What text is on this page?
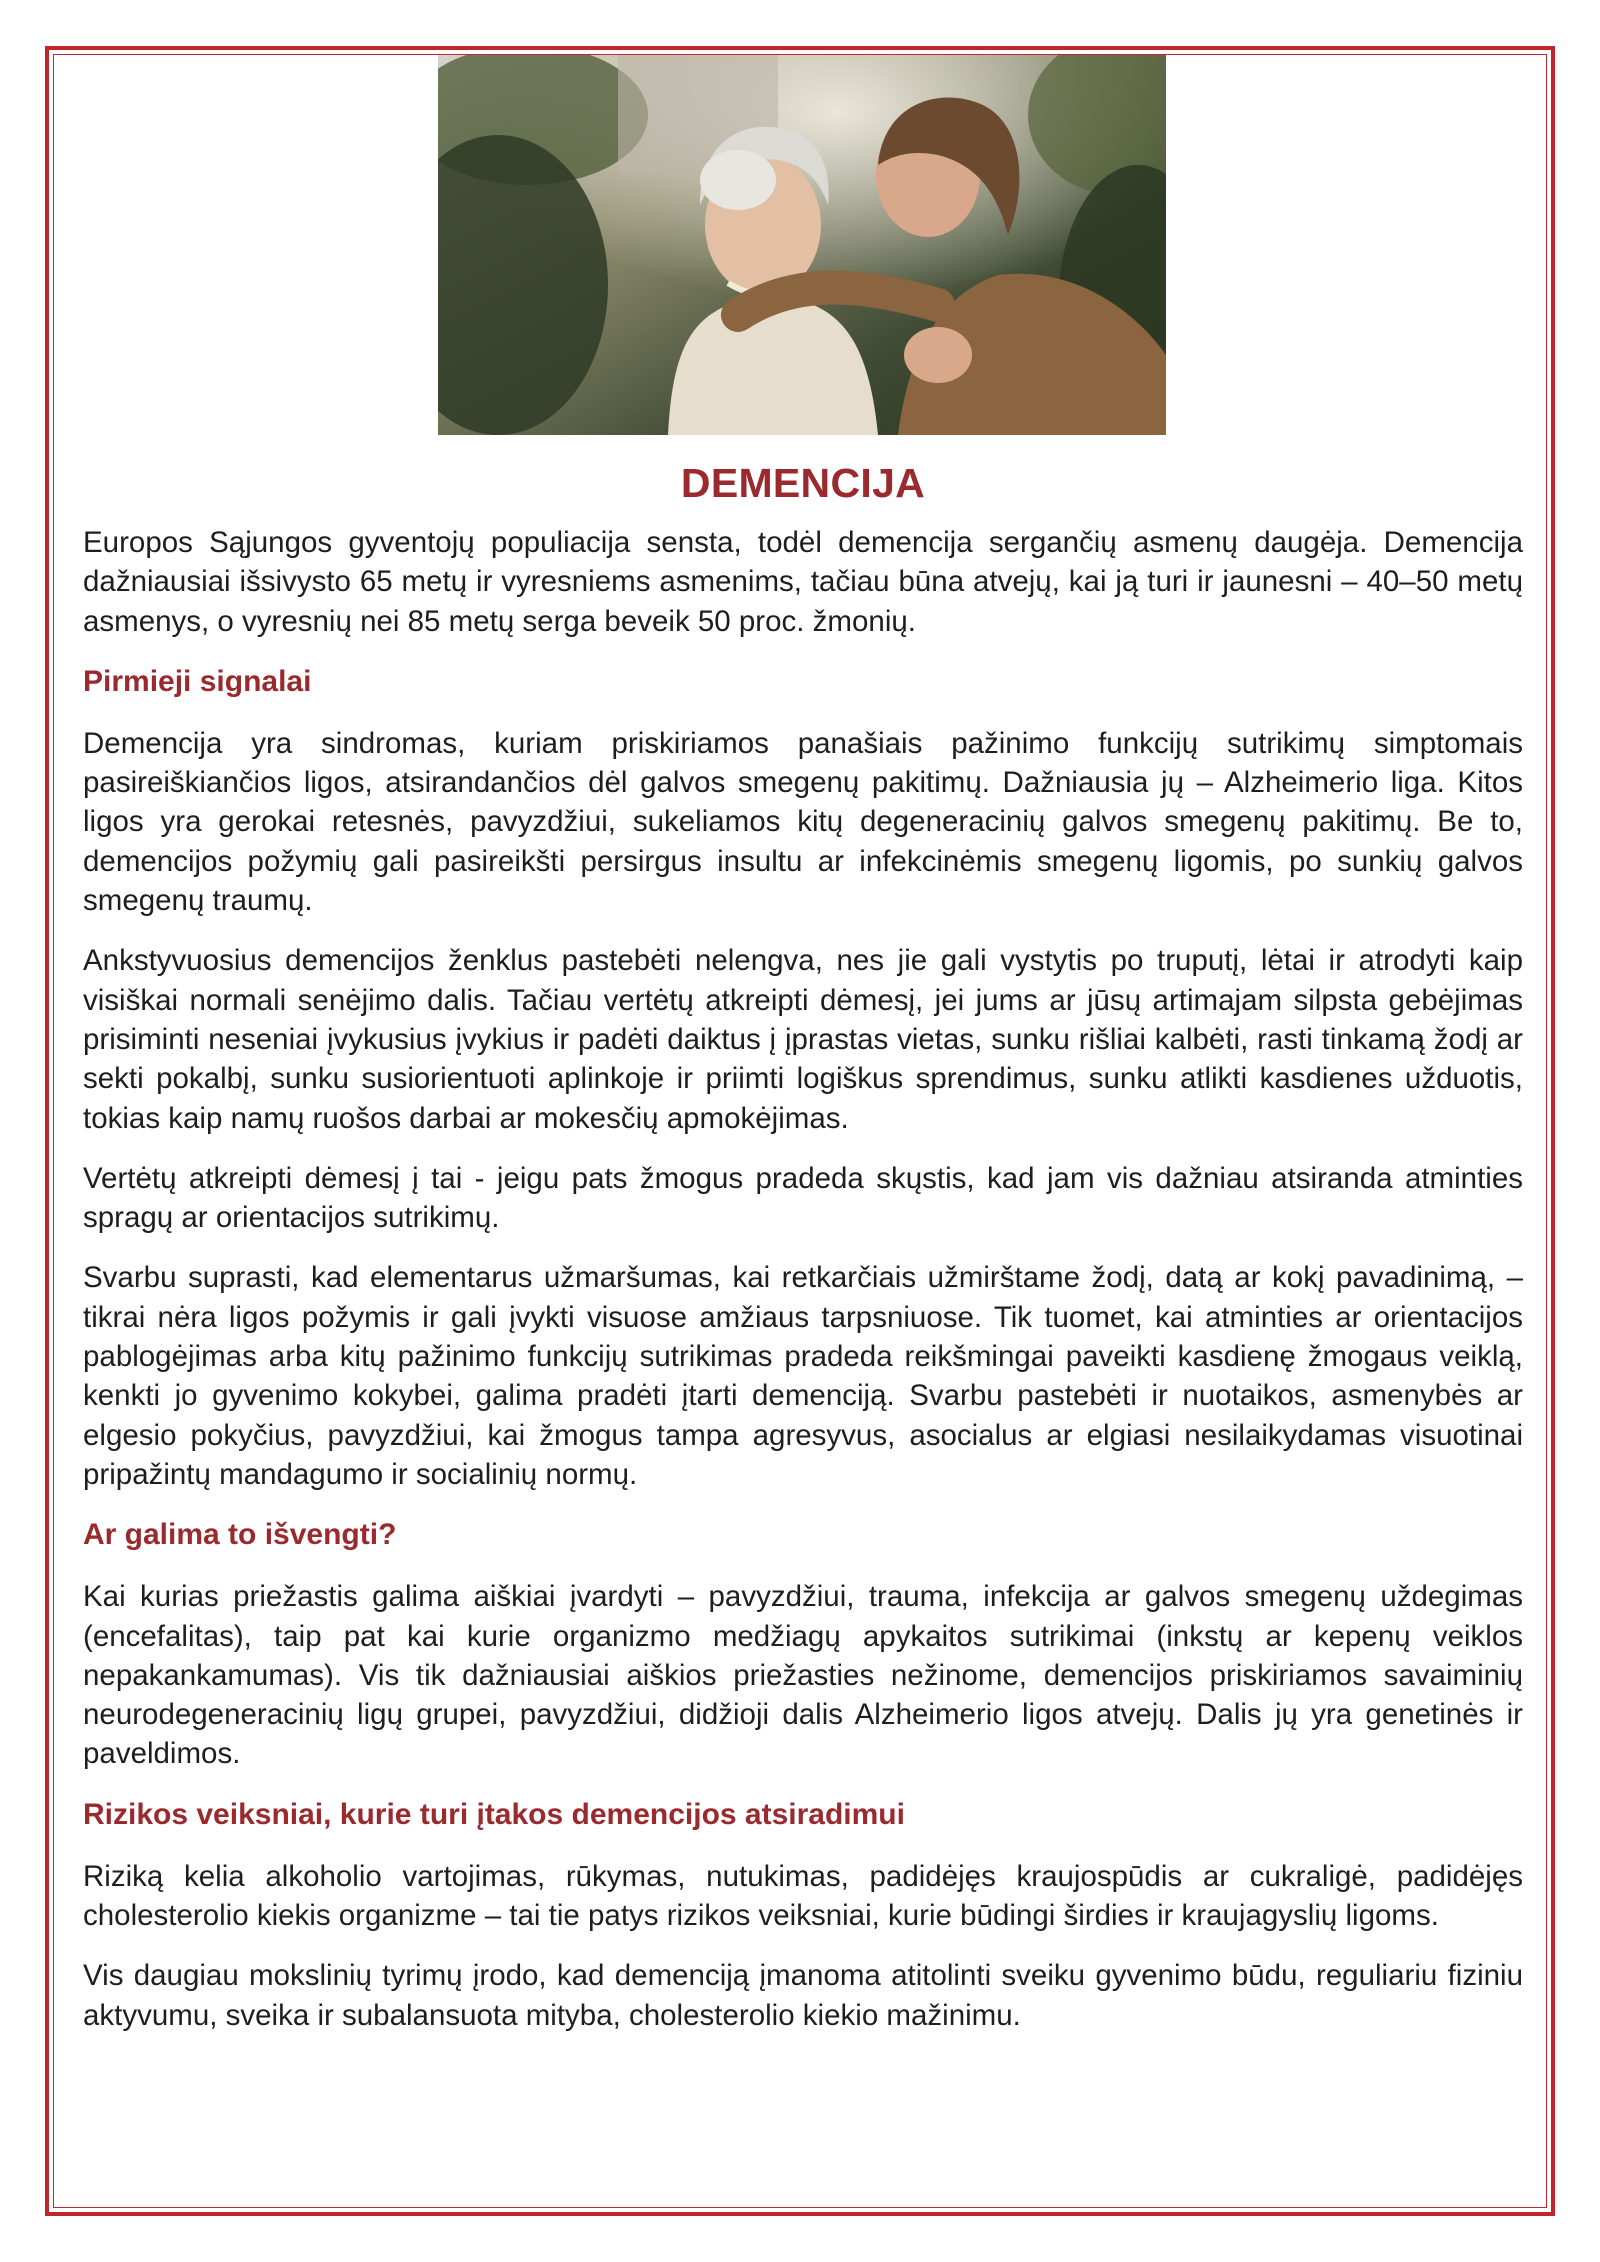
DEMENCIJA

Europos Sąjungos gyventojų populiacija sensta, todėl demencija sergančių asmenų daugėja. Demencija dažniausiai išsivysto 65 metų ir vyresniems asmenims, tačiau būna atvejų, kai ją turi ir jaunesni – 40–50 metų asmenys, o vyresnių nei 85 metų serga beveik 50 proc. žmonių.

Pirmieji signalai

Demencija yra sindromas, kuriam priskiriamos panašiais pažinimo funkcijų sutrikimų simptomais pasireiškiančios ligos, atsirandančios dėl galvos smegenų pakitimų. Dažniausia jų – Alzheimerio liga. Kitos ligos yra gerokai retesnės, pavyzdžiui, sukeliamos kitų degeneracinių galvos smegenų pakitimų. Be to, demencijos požymių gali pasireikšti persirgus insultu ar infekcinėmis smegenų ligomis, po sunkių galvos smegenų traumų.

Ankstyvuosius demencijos ženklus pastebėti nelengva, nes jie gali vystytis po truputį, lėtai ir atrodyti kaip visiškai normali senėjimo dalis. Tačiau vertėtų atkreipti dėmesį, jei jums ar jūsų artimajam silpsta gebėjimas prisiminti neseniai įvykusius įvykius ir padėti daiktus į įprastas vietas, sunku rišliai kalbėti, rasti tinkamą žodį ar sekti pokalbį, sunku susiorientuoti aplinkoje ir priimti logiškus sprendimus, sunku atlikti kasdienes užduotis, tokias kaip namų ruošos darbai ar mokesčių apmokėjimas.

Vertėtų atkreipti dėmesį į tai - jeigu pats žmogus pradeda skųstis, kad jam vis dažniau atsiranda atminties spragų ar orientacijos sutrikimų.

Svarbu suprasti, kad elementarus užmaršumas, kai retkarčiais užmirštame žodį, datą ar kokį pavadinimą, – tikrai nėra ligos požymis ir gali įvykti visuose amžiaus tarpsniuose. Tik tuomet, kai atminties ar orientacijos pablogėjimas arba kitų pažinimo funkcijų sutrikimas pradeda reikšmingai paveikti kasdienę žmogaus veiklą, kenkti jo gyvenimo kokybei, galima pradėti įtarti demenciją. Svarbu pastebėti ir nuotaikos, asmenybės ar elgesio pokyčius, pavyzdžiui, kai žmogus tampa agresyvus, asocialus ar elgiasi nesilaikydamas visuotinai pripažintų mandagumo ir socialinių normų.

Ar galima to išvengti?

Kai kurias priežastis galima aiškiai įvardyti – pavyzdžiui, trauma, infekcija ar galvos smegenų uždegimas (encefalitas), taip pat kai kurie organizmo medžiagų apykaitos sutrikimai (inkstų ar kepenų veiklos nepakankamumas). Vis tik dažniausiai aiškios priežasties nežinome, demencijos priskiriamos savaiminių neurodegeneracinių ligų grupei, pavyzdžiui, didžioji dalis Alzheimerio ligos atvejų. Dalis jų yra genetinės ir paveldimos.

Rizikos veiksniai, kurie turi įtakos demencijos atsiradimui

Riziką kelia alkoholio vartojimas, rūkymas, nutukimas, padidėjęs kraujospūdis ar cukraligė, padidėjęs cholesterolio kiekis organizme – tai tie patys rizikos veiksniai, kurie būdingi širdies ir kraujagyslių ligoms.

Vis daugiau mokslinių tyrimų įrodo, kad demenciją įmanoma atitolinti sveiku gyvenimo būdu, reguliariu fiziniu aktyvumu, sveika ir subalansuota mityba, cholesterolio kiekio mažinimu.
